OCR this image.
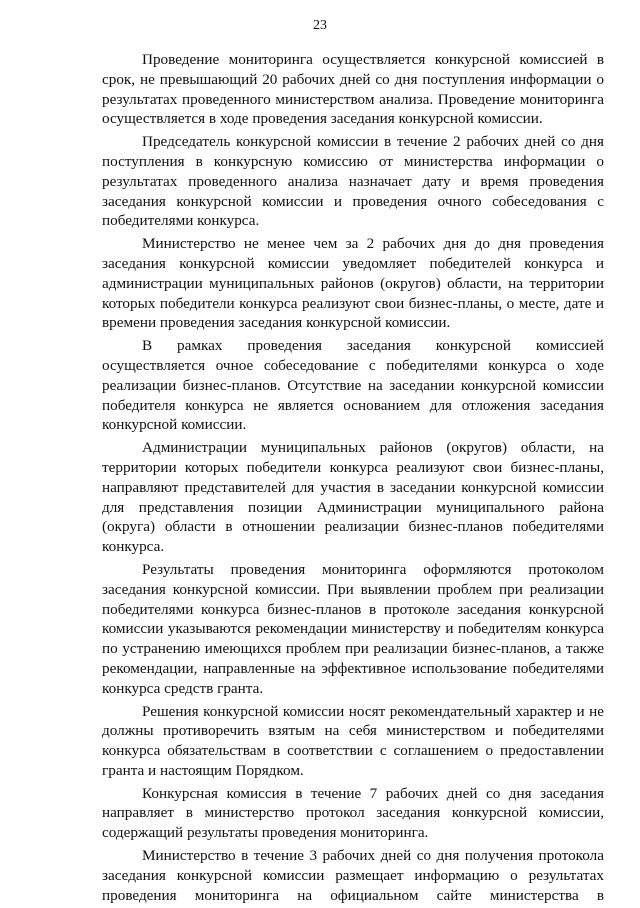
23

Проведение мониторинга осуществляется конкурсной комиссией в срок, не превышающий 20 рабочих дней со дня поступления информации о результатах проведенного министерством анализа. Проведение мониторинга осуществляется в ходе проведения заседания конкурсной комиссии.

Председатель конкурсной комиссии в течение 2 рабочих дней со дня поступления в конкурсную комиссию от министерства информации о результатах проведенного анализа назначает дату и время проведения заседания конкурсной комиссии и проведения очного собеседования с победителями конкурса.

Министерство не менее чем за 2 рабочих дня до дня проведения заседания конкурсной комиссии уведомляет победителей конкурса и администрации муниципальных районов (округов) области, на территории которых победители конкурса реализуют свои бизнес-планы, о месте, дате и времени проведения заседания конкурсной комиссии.

В рамках проведения заседания конкурсной комиссией осуществляется очное собеседование с победителями конкурса о ходе реализации бизнес-планов. Отсутствие на заседании конкурсной комиссии победителя конкурса не является основанием для отложения заседания конкурсной комиссии.

Администрации муниципальных районов (округов) области, на территории которых победители конкурса реализуют свои бизнес-планы, направляют представителей для участия в заседании конкурсной комиссии для представления позиции Администрации муниципального района (округа) области в отношении реализации бизнес-планов победителями конкурса.

Результаты проведения мониторинга оформляются протоколом заседания конкурсной комиссии. При выявлении проблем при реализации победителями конкурса бизнес-планов в протоколе заседания конкурсной комиссии указываются рекомендации министерству и победителям конкурса по устранению имеющихся проблем при реализации бизнес-планов, а также рекомендации, направленные на эффективное использование победителями конкурса средств гранта.

Решения конкурсной комиссии носят рекомендательный характер и не должны противоречить взятым на себя министерством и победителями конкурса обязательствам в соответствии с соглашением о предоставлении гранта и настоящим Порядком.

Конкурсная комиссия в течение 7 рабочих дней со дня заседания направляет в министерство протокол заседания конкурсной комиссии, содержащий результаты проведения мониторинга.

Министерство в течение 3 рабочих дней со дня получения протокола заседания конкурсной комиссии размещает информацию о результатах проведения мониторинга на официальном сайте министерства в
